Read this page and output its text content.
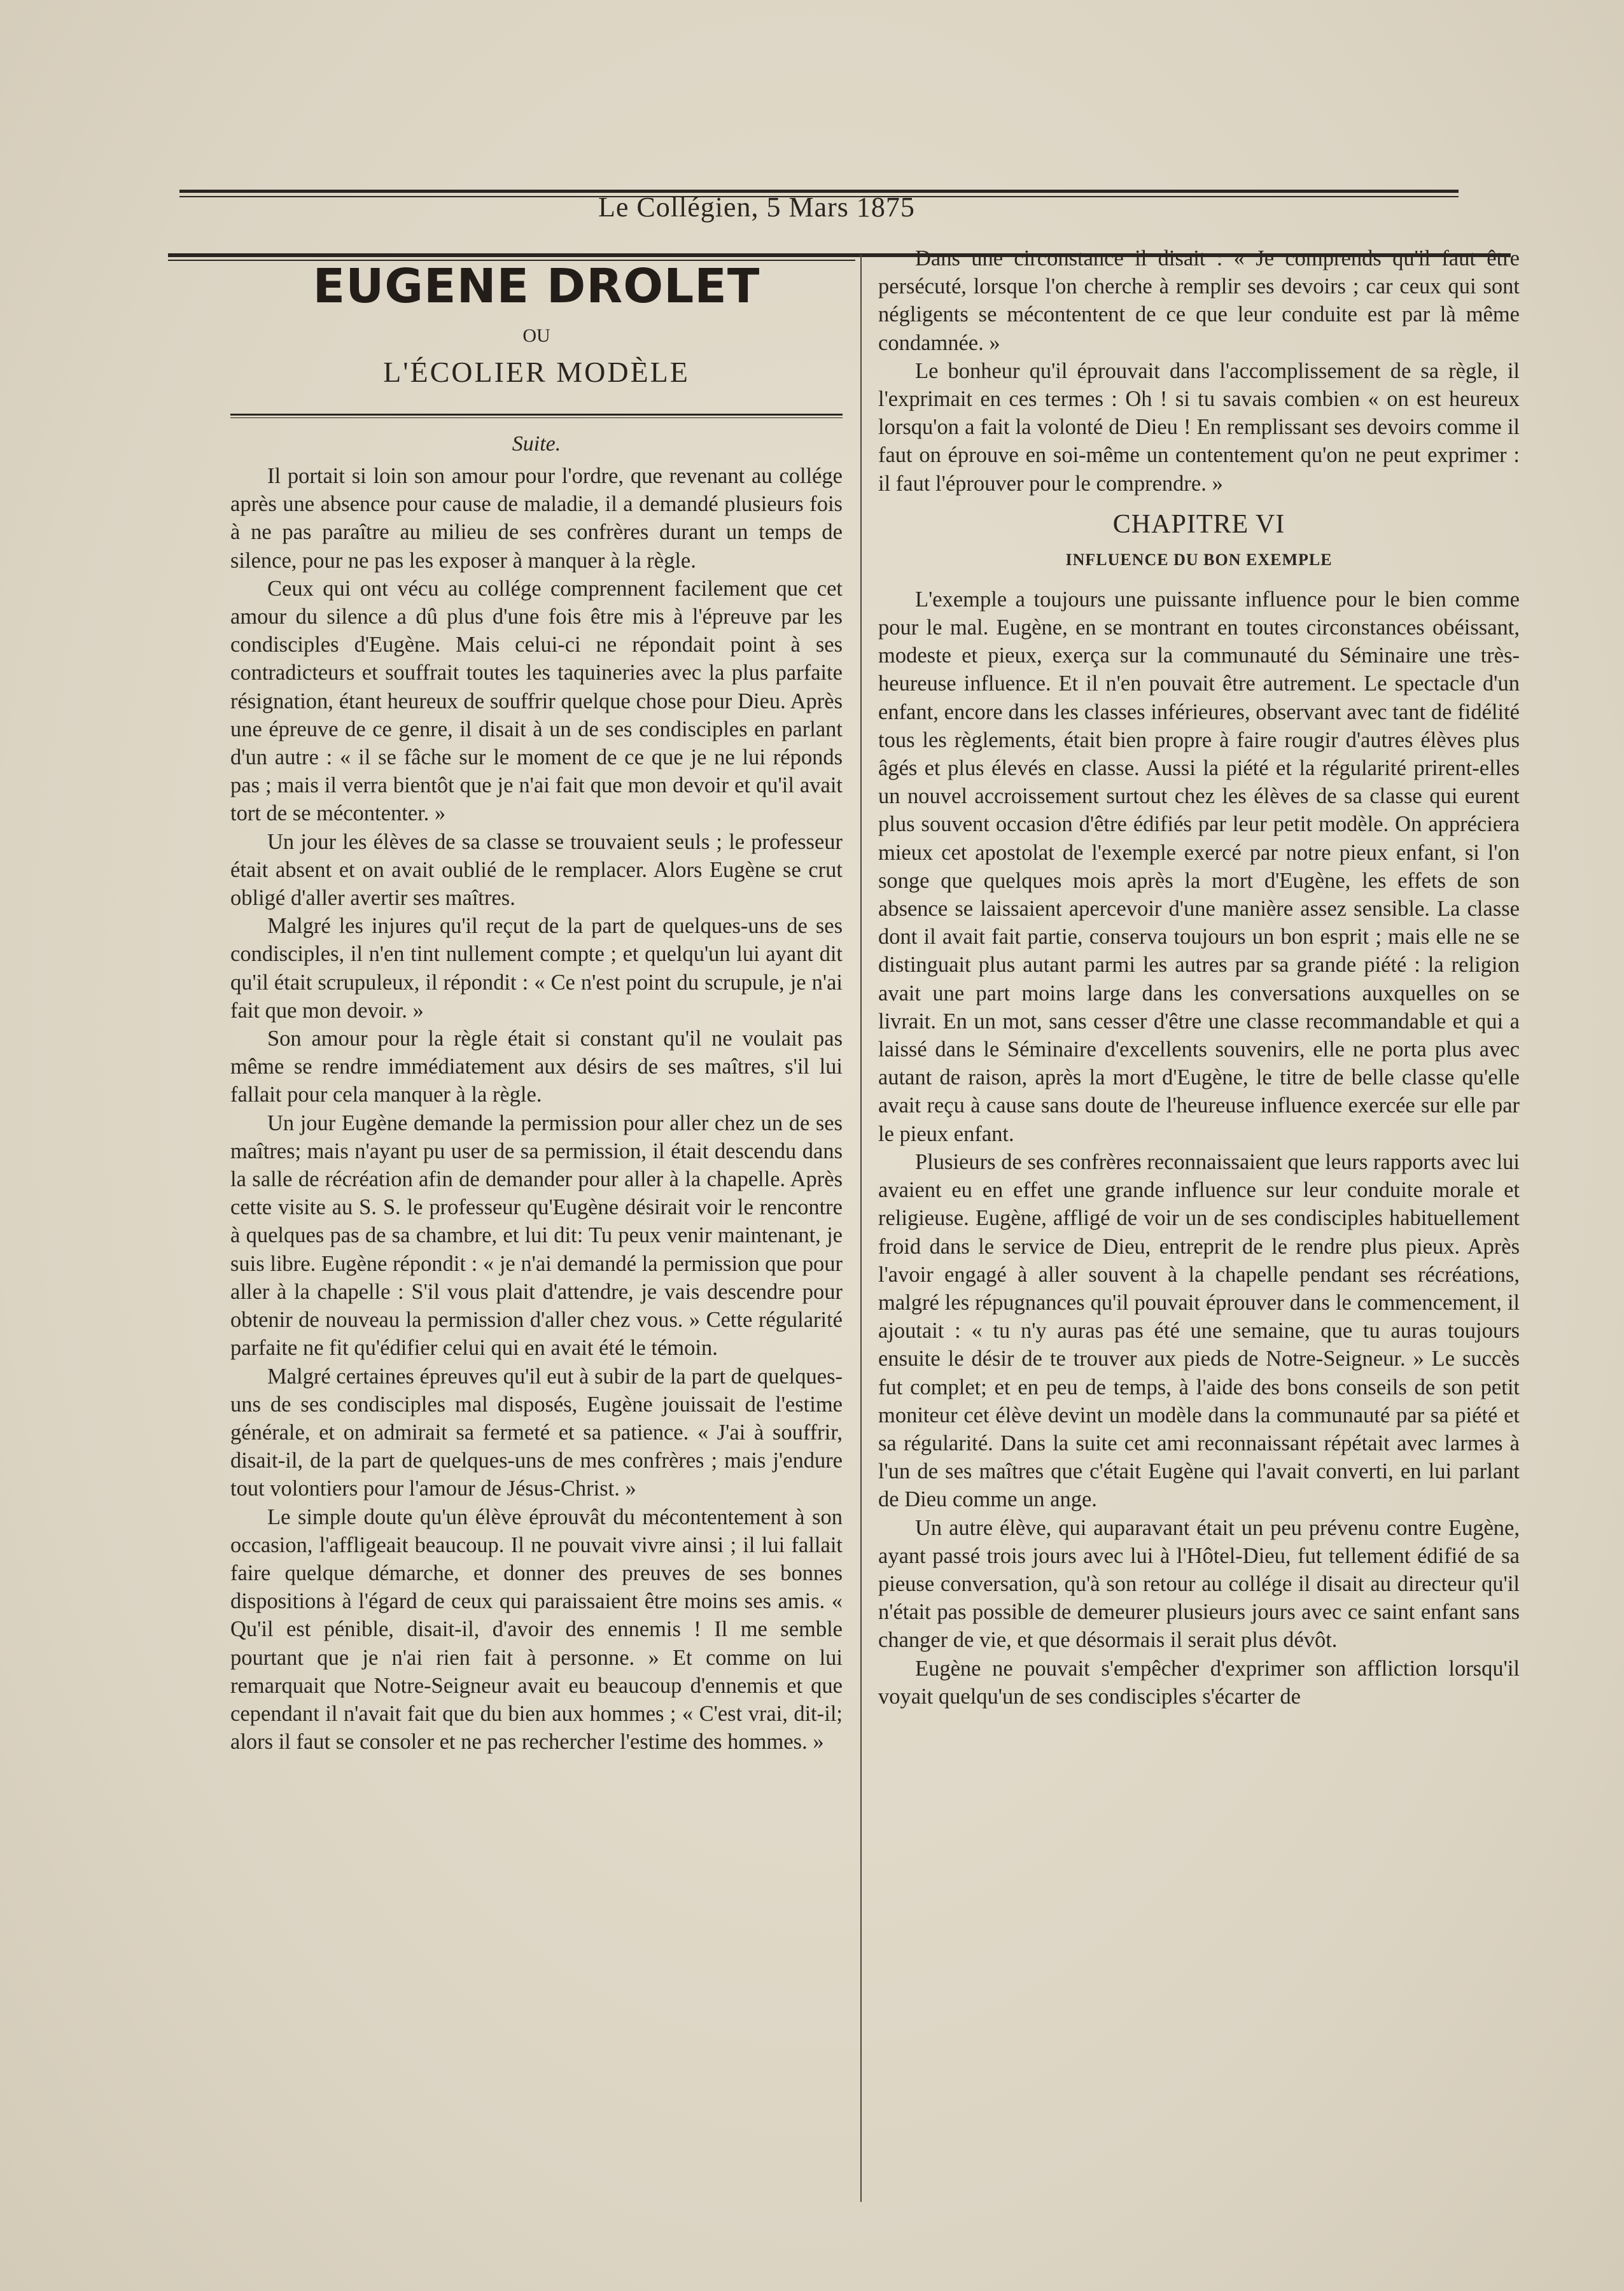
Le Collégien, 5 Mars 1875
EUGENE DROLET
OU
L'ÉCOLIER MODÈLE
Suite.

Il portait si loin son amour pour l'ordre, que revenant au collége après une absence pour cause de maladie, il a demandé plusieurs fois à ne pas paraître au milieu de ses confrères durant un temps de silence, pour ne pas les exposer à manquer à la règle.

Ceux qui ont vécu au collége comprennent facilement que cet amour du silence a dû plus d'une fois être mis à l'épreuve par les condisciples d'Eugène. Mais celui-ci ne répondait point à ses contradicteurs et souffrait toutes les taquineries avec la plus parfaite résignation, étant heureux de souffrir quelque chose pour Dieu. Après une épreuve de ce genre, il disait à un de ses condisciples en parlant d'un autre : « il se fâche sur le moment de ce que je ne lui réponds pas ; mais il verra bientôt que je n'ai fait que mon devoir et qu'il avait tort de se mécontenter. »

Un jour les élèves de sa classe se trouvaient seuls ; le professeur était absent et on avait oublié de le remplacer. Alors Eugène se crut obligé d'aller avertir ses maîtres.

Malgré les injures qu'il reçut de la part de quelques-uns de ses condisciples, il n'en tint nullement compte ; et quelqu'un lui ayant dit qu'il était scrupuleux, il répondit : « Ce n'est point du scrupule, je n'ai fait que mon devoir. »

Son amour pour la règle était si constant qu'il ne voulait pas même se rendre immédiatement aux désirs de ses maîtres, s'il lui fallait pour cela manquer à la règle.

Un jour Eugène demande la permission pour aller chez un de ses maîtres; mais n'ayant pu user de sa permission, il était descendu dans la salle de récréation afin de demander pour aller à la chapelle. Après cette visite au S. S. le professeur qu'Eugène désirait voir le rencontre à quelques pas de sa chambre, et lui dit: Tu peux venir maintenant, je suis libre. Eugène répondit : « je n'ai demandé la permission que pour aller à la chapelle : S'il vous plait d'attendre, je vais descendre pour obtenir de nouveau la permission d'aller chez vous. » Cette régularité parfaite ne fit qu'édifier celui qui en avait été le témoin.

Malgré certaines épreuves qu'il eut à subir de la part de quelques-uns de ses condisciples mal disposés, Eugène jouissait de l'estime générale, et on admirait sa fermeté et sa patience. « J'ai à souffrir, disait-il, de la part de quelques-uns de mes confrères ; mais j'endure tout volontiers pour l'amour de Jésus-Christ. »

Le simple doute qu'un élève éprouvât du mécontentement à son occasion, l'affligeait beaucoup. Il ne pouvait vivre ainsi ; il lui fallait faire quelque démarche, et donner des preuves de ses bonnes dispositions à l'égard de ceux qui paraissaient être moins ses amis. « Qu'il est pénible, disait-il, d'avoir des ennemis ! Il me semble pourtant que je n'ai rien fait à personne. » Et comme on lui remarquait que Notre-Seigneur avait eu beaucoup d'ennemis et que cependant il n'avait fait que du bien aux hommes ; « C'est vrai, dit-il; alors il faut se consoler et ne pas rechercher l'estime des hommes. »

Dans une circonstance il disait : « Je comprends qu'il faut être persécuté, lorsque l'on cherche à remplir ses devoirs ; car ceux qui sont négligents se mécontentent de ce que leur conduite est par là même condamnée. »

Le bonheur qu'il éprouvait dans l'accomplissement de sa règle, il l'exprimait en ces termes : Oh ! si tu savais combien « on est heureux lorsqu'on a fait la volonté de Dieu ! En remplissant ses devoirs comme il faut on éprouve en soi-même un contentement qu'on ne peut exprimer : il faut l'éprouver pour le comprendre. »

CHAPITRE VI
INFLUENCE DU BON EXEMPLE

L'exemple a toujours une puissante influence pour le bien comme pour le mal. Eugène, en se montrant en toutes circonstances obéissant, modeste et pieux, exerça sur la communauté du Séminaire une très-heureuse influence. Et il n'en pouvait être autrement. Le spectacle d'un enfant, encore dans les classes inférieures, observant avec tant de fidélité tous les règlements, était bien propre à faire rougir d'autres élèves plus âgés et plus élevés en classe. Aussi la piété et la régularité prirent-elles un nouvel accroissement surtout chez les élèves de sa classe qui eurent plus souvent occasion d'être édifiés par leur petit modèle. On appréciera mieux cet apostolat de l'exemple exercé par notre pieux enfant, si l'on songe que quelques mois après la mort d'Eugène, les effets de son absence se laissaient apercevoir d'une manière assez sensible. La classe dont il avait fait partie, conserva toujours un bon esprit ; mais elle ne se distinguait plus autant parmi les autres par sa grande piété : la religion avait une part moins large dans les conversations auxquelles on se livrait. En un mot, sans cesser d'être une classe recommandable et qui a laissé dans le Séminaire d'excellents souvenirs, elle ne porta plus avec autant de raison, après la mort d'Eugène, le titre de belle classe qu'elle avait reçu à cause sans doute de l'heureuse influence exercée sur elle par le pieux enfant.

Plusieurs de ses confrères reconnaissaient que leurs rapports avec lui avaient eu en effet une grande influence sur leur conduite morale et religieuse. Eugène, affligé de voir un de ses condisciples habituellement froid dans le service de Dieu, entreprit de le rendre plus pieux. Après l'avoir engagé à aller souvent à la chapelle pendant ses récréations, malgré les répugnances qu'il pouvait éprouver dans le commencement, il ajoutait : « tu n'y auras pas été une semaine, que tu auras toujours ensuite le désir de te trouver aux pieds de Notre-Seigneur. » Le succès fut complet; et en peu de temps, à l'aide des bons conseils de son petit moniteur cet élève devint un modèle dans la communauté par sa piété et sa régularité. Dans la suite cet ami reconnaissant répétait avec larmes à l'un de ses maîtres que c'était Eugène qui l'avait converti, en lui parlant de Dieu comme un ange.

Un autre élève, qui auparavant était un peu prévenu contre Eugène, ayant passé trois jours avec lui à l'Hôtel-Dieu, fut tellement édifié de sa pieuse conversation, qu'à son retour au collége il disait au directeur qu'il n'était pas possible de demeurer plusieurs jours avec ce saint enfant sans changer de vie, et que désormais il serait plus dévôt.

Eugène ne pouvait s'empêcher d'exprimer son affliction lorsqu'il voyait quelqu'un de ses condisciples s'écarter de
